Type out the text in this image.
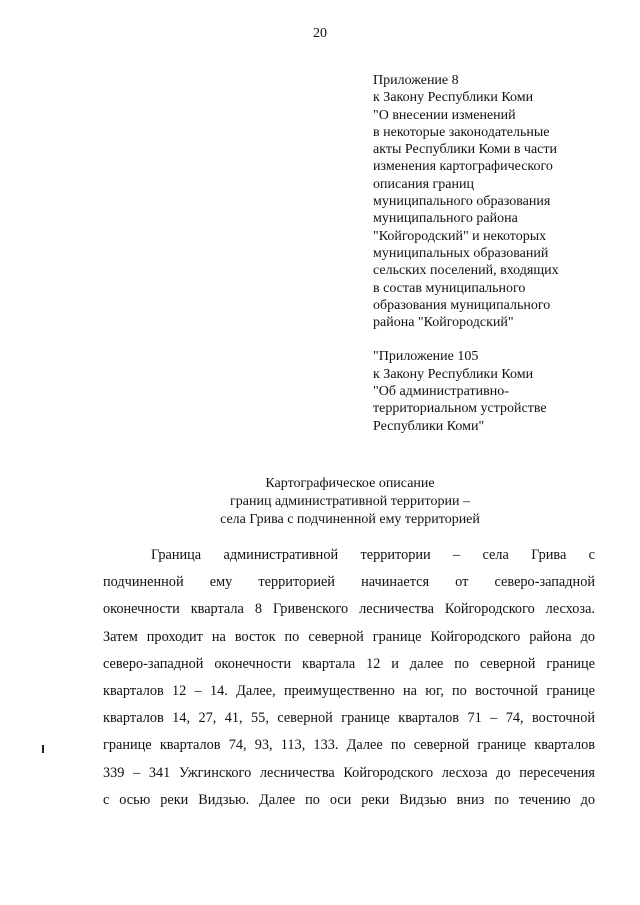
20
Приложение 8
к Закону Республики Коми
"О внесении изменений
в некоторые законодательные
акты Республики Коми в части
изменения картографического
описания границ
муниципального образования
муниципального района
"Койгородский" и некоторых
муниципальных образований
сельских поселений, входящих
в состав муниципального
образования муниципального
района "Койгородский"
"Приложение 105
к Закону Республики Коми
"Об административно-
территориальном устройстве
Республики Коми"
Картографическое описание
границ административной территории –
села Грива с подчиненной ему территорией
Граница административной территории – села Грива с
подчиненной ему территорией начинается от северо-западной
оконечности квартала 8 Гривенского лесничества Койгородского лесхоза.
Затем проходит на восток по северной границе Койгородского района до
северо-западной оконечности квартала 12 и далее по северной границе
кварталов 12 – 14. Далее, преимущественно на юг, по восточной границе
кварталов 14, 27, 41, 55, северной границе кварталов 71 – 74, восточной
границе кварталов 74, 93, 113, 133. Далее по северной границе кварталов
339 – 341 Ужгинского лесничества Койгородского лесхоза до пересечения
с осью реки Видзью. Далее по оси реки Видзью вниз по течению до
